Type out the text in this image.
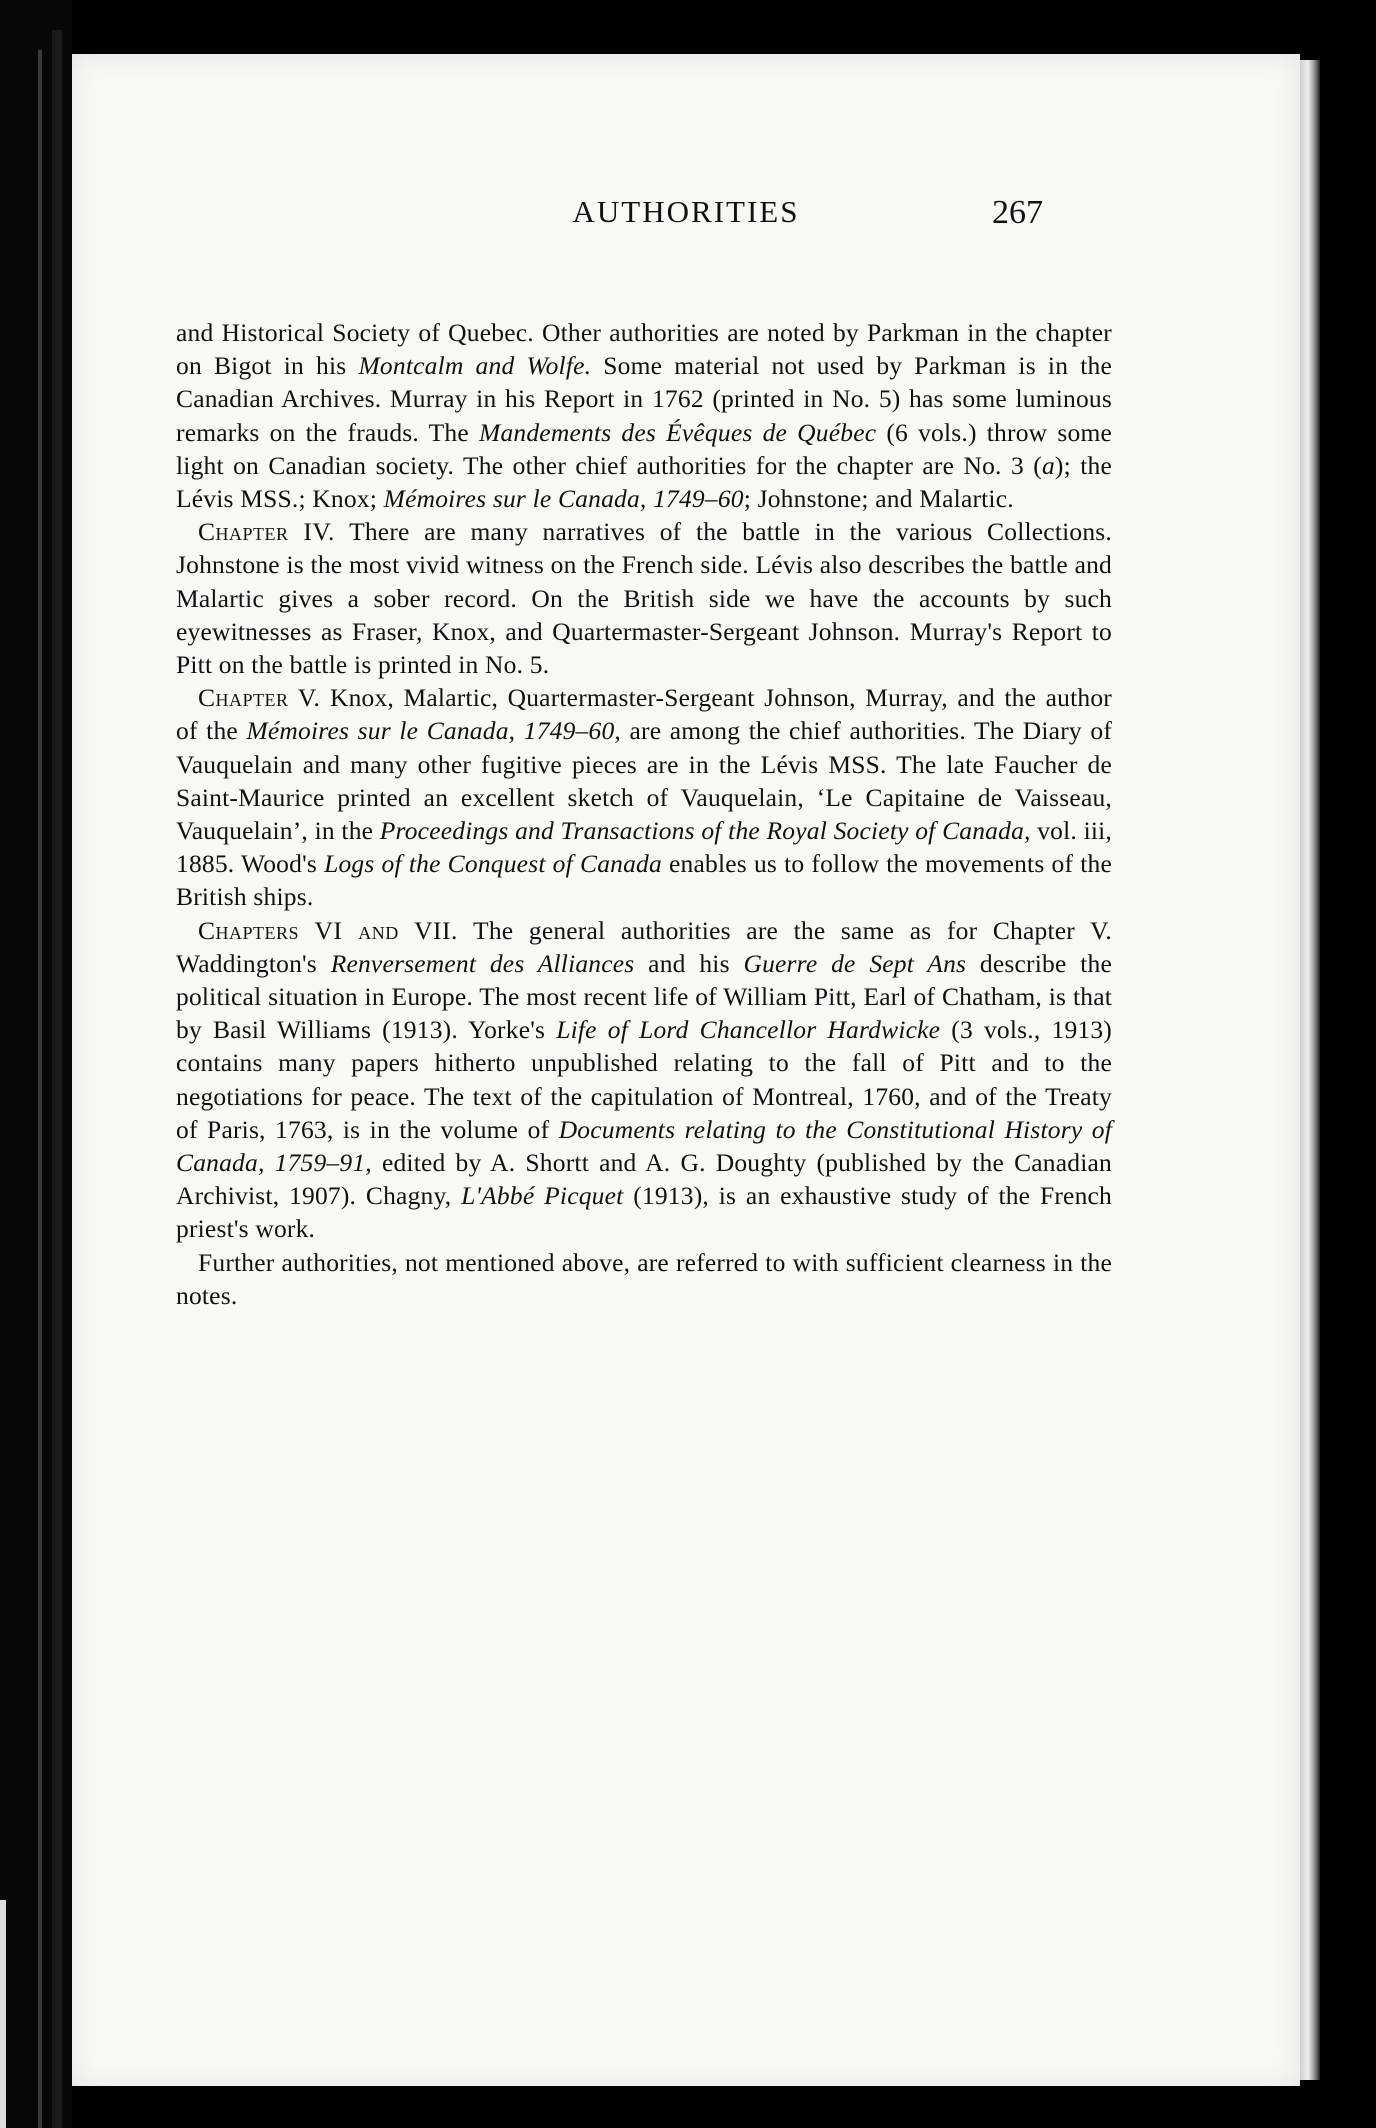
AUTHORITIES	267

and Historical Society of Quebec. Other authorities are noted by Parkman in the chapter on Bigot in his Montcalm and Wolfe. Some material not used by Parkman is in the Canadian Archives. Murray in his Report in 1762 (printed in No. 5) has some luminous remarks on the frauds. The Mandements des Évêques de Québec (6 vols.) throw some light on Canadian society. The other chief authorities for the chapter are No. 3 (a); the Lévis MSS.; Knox; Mémoires sur le Canada, 1749–60; Johnstone; and Malartic.

Chapter IV. There are many narratives of the battle in the various Collections. Johnstone is the most vivid witness on the French side. Lévis also describes the battle and Malartic gives a sober record. On the British side we have the accounts by such eyewitnesses as Fraser, Knox, and Quartermaster-Sergeant Johnson. Murray's Report to Pitt on the battle is printed in No. 5.

Chapter V. Knox, Malartic, Quartermaster-Sergeant Johnson, Murray, and the author of the Mémoires sur le Canada, 1749–60, are among the chief authorities. The Diary of Vauquelain and many other fugitive pieces are in the Lévis MSS. The late Faucher de Saint-Maurice printed an excellent sketch of Vauquelain, ‘Le Capitaine de Vaisseau, Vauquelain’, in the Proceedings and Transactions of the Royal Society of Canada, vol. iii, 1885. Wood's Logs of the Conquest of Canada enables us to follow the movements of the British ships.

Chapters VI and VII. The general authorities are the same as for Chapter V. Waddington's Renversement des Alliances and his Guerre de Sept Ans describe the political situation in Europe. The most recent life of William Pitt, Earl of Chatham, is that by Basil Williams (1913). Yorke's Life of Lord Chancellor Hardwicke (3 vols., 1913) contains many papers hitherto unpublished relating to the fall of Pitt and to the negotiations for peace. The text of the capitulation of Montreal, 1760, and of the Treaty of Paris, 1763, is in the volume of Documents relating to the Constitutional History of Canada, 1759–91, edited by A. Shortt and A. G. Doughty (published by the Canadian Archivist, 1907). Chagny, L'Abbé Picquet (1913), is an exhaustive study of the French priest's work.

Further authorities, not mentioned above, are referred to with sufficient clearness in the notes.
